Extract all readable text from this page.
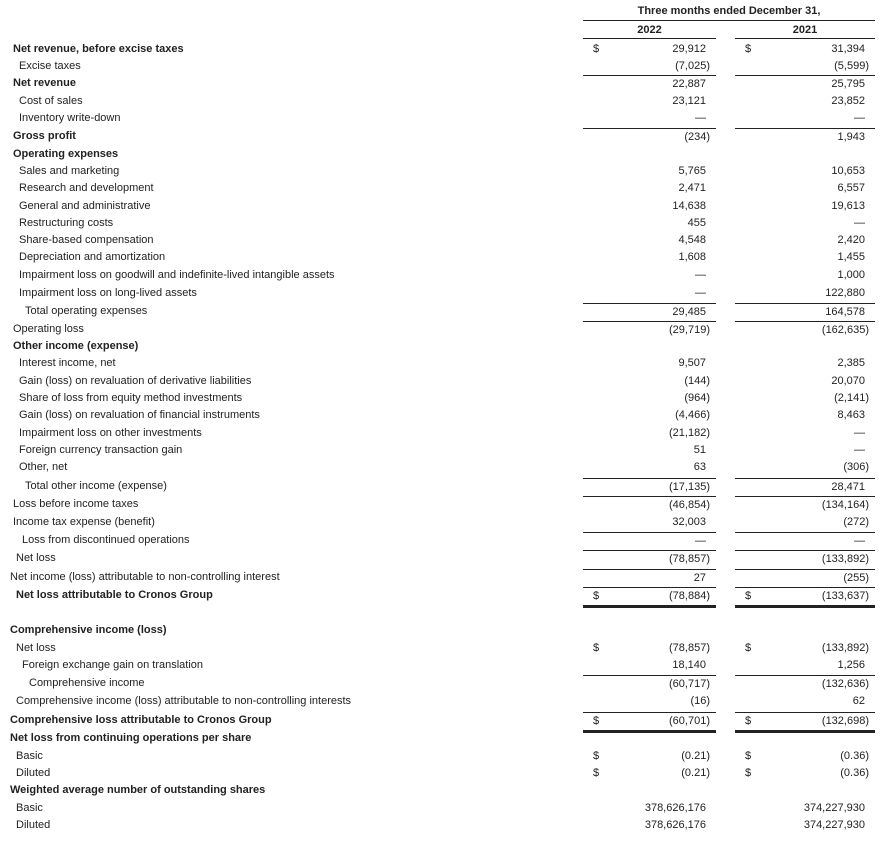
Three months ended December 31,
2022	2021
Net revenue, before excise taxes	$	29,912	$	31,394
Excise taxes	(7,025)	(5,599)
Net revenue	22,887	25,795
Cost of sales	23,121	23,852
Inventory write-down	—	—
Gross profit	(234)	1,943
Operating expenses
Sales and marketing	5,765	10,653
Research and development	2,471	6,557
General and administrative	14,638	19,613
Restructuring costs	455	—
Share-based compensation	4,548	2,420
Depreciation and amortization	1,608	1,455
Impairment loss on goodwill and indefinite-lived intangible assets	—	1,000
Impairment loss on long-lived assets	—	122,880
Total operating expenses	29,485	164,578
Operating loss	(29,719)	(162,635)
Other income (expense)
Interest income, net	9,507	2,385
Gain (loss) on revaluation of derivative liabilities	(144)	20,070
Share of loss from equity method investments	(964)	(2,141)
Gain (loss) on revaluation of financial instruments	(4,466)	8,463
Impairment loss on other investments	(21,182)	—
Foreign currency transaction gain	51	—
Other, net	63	(306)
Total other income (expense)	(17,135)	28,471
Loss before income taxes	(46,854)	(134,164)
Income tax expense (benefit)	32,003	(272)
Loss from discontinued operations	—	—
Net loss	(78,857)	(133,892)
Net income (loss) attributable to non-controlling interest	27	(255)
Net loss attributable to Cronos Group	$	(78,884)	$	(133,637)
Comprehensive income (loss)
Net loss	$	(78,857)	$	(133,892)
Foreign exchange gain on translation	18,140	1,256
Comprehensive income	(60,717)	(132,636)
Comprehensive income (loss) attributable to non-controlling interests	(16)	62
Comprehensive loss attributable to Cronos Group	$	(60,701)	$	(132,698)
Net loss from continuing operations per share
Basic	$	(0.21)	$	(0.36)
Diluted	$	(0.21)	$	(0.36)
Weighted average number of outstanding shares
Basic	378,626,176	374,227,930
Diluted	378,626,176	374,227,930
